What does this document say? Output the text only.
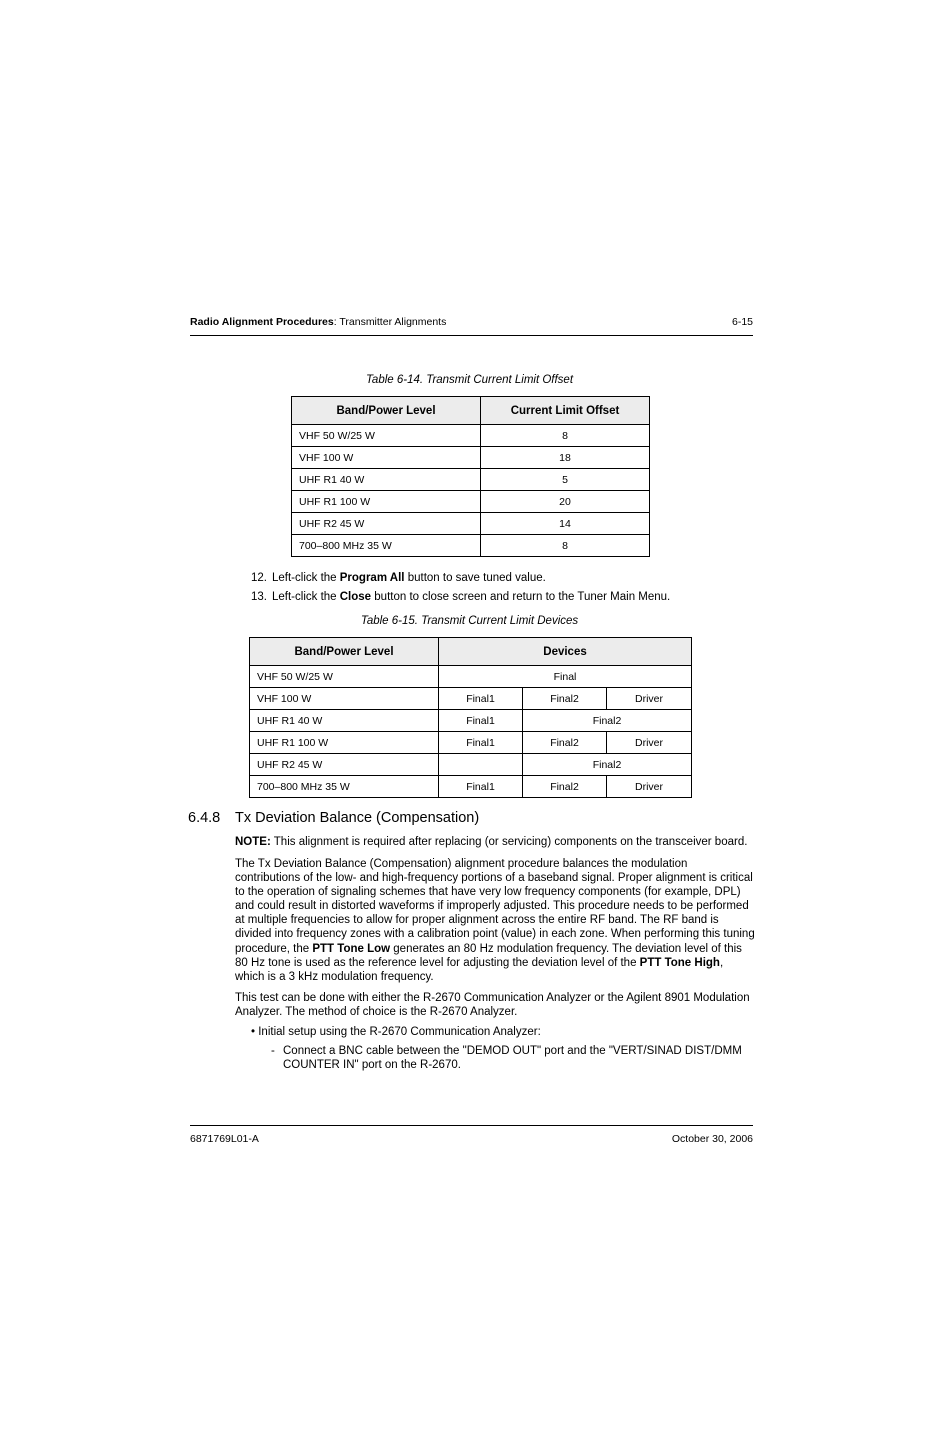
Radio Alignment Procedures: Transmitter Alignments	6-15
Table 6-14. Transmit Current Limit Offset
Band/Power Level	Current Limit Offset
VHF 50 W/25 W	8
VHF 100 W	18
UHF R1 40 W	5
UHF R1 100 W	20
UHF R2 45 W	14
700–800 MHz 35 W	8
12. Left-click the Program All button to save tuned value.
13. Left-click the Close button to close screen and return to the Tuner Main Menu.
Table 6-15. Transmit Current Limit Devices
Band/Power Level	Devices		
VHF 50 W/25 W	Final		
VHF 100 W	Final1	Final2	Driver
UHF R1 40 W	Final1	Final2	
UHF R1 100 W	Final1	Final2	Driver
UHF R2 45 W		Final2	
700–800 MHz 35 W	Final1	Final2	Driver
6.4.8 Tx Deviation Balance (Compensation)

NOTE: This alignment is required after replacing (or servicing) components on the transceiver board.

The Tx Deviation Balance (Compensation) alignment procedure balances the modulation contributions of the low- and high-frequency portions of a baseband signal. Proper alignment is critical to the operation of signaling schemes that have very low frequency components (for example, DPL) and could result in distorted waveforms if improperly adjusted. This procedure needs to be performed at multiple frequencies to allow for proper alignment across the entire RF band. The RF band is divided into frequency zones with a calibration point (value) in each zone. When performing this tuning procedure, the PTT Tone Low generates an 80 Hz modulation frequency. The deviation level of this 80 Hz tone is used as the reference level for adjusting the deviation level of the PTT Tone High, which is a 3 kHz modulation frequency.

This test can be done with either the R-2670 Communication Analyzer or the Agilent 8901 Modulation Analyzer. The method of choice is the R-2670 Analyzer.

• Initial setup using the R-2670 Communication Analyzer:
- Connect a BNC cable between the "DEMOD OUT" port and the "VERT/SINAD DIST/DMM COUNTER IN" port on the R-2670.
6871769L01-A	October 30, 2006
